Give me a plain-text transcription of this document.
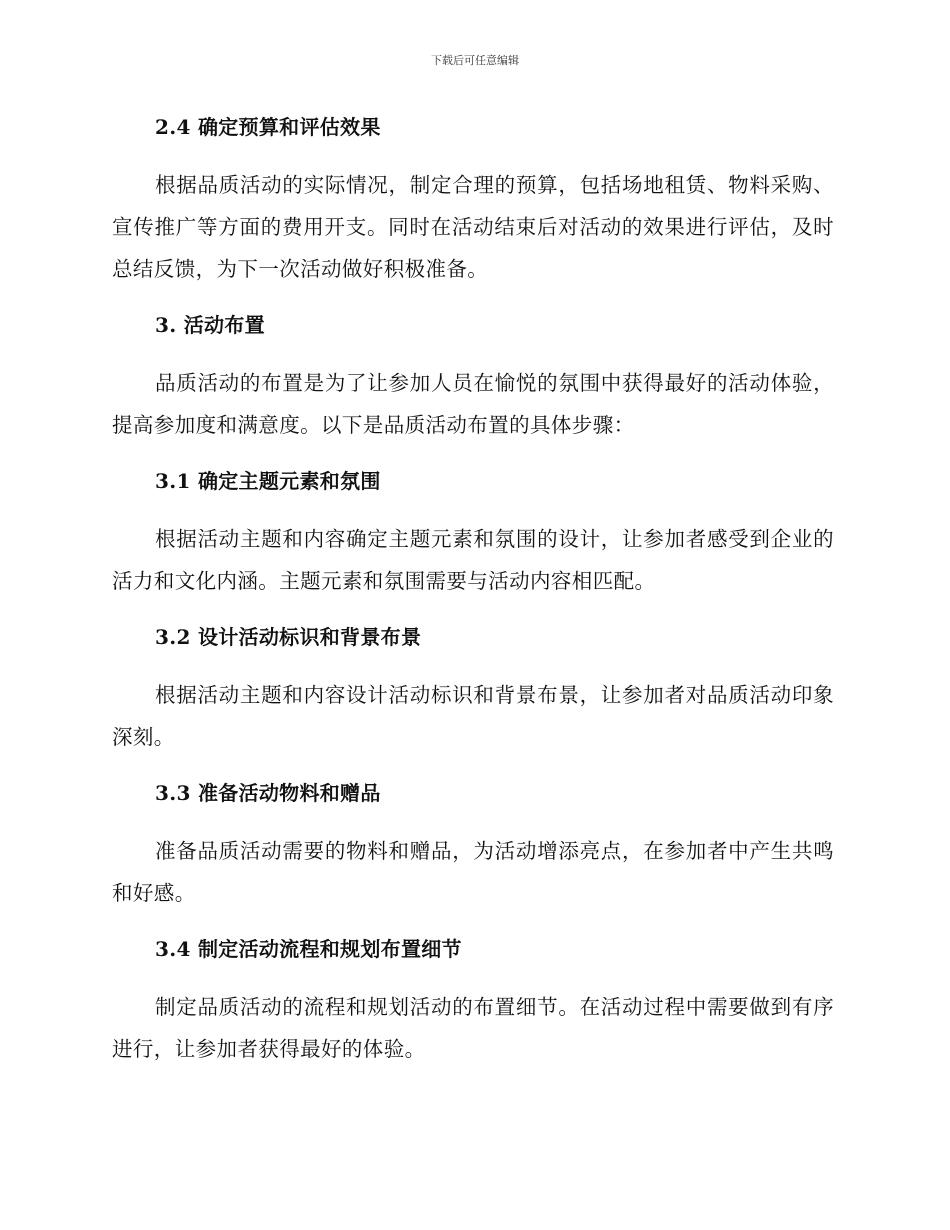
下载后可任意编辑
2.4 确定预算和评估效果
根据品质活动的实际情况，制定合理的预算，包括场地租赁、物料采购、宣传推广等方面的费用开支。同时在活动结束后对活动的效果进行评估，及时总结反馈，为下一次活动做好积极准备。
3. 活动布置
品质活动的布置是为了让参加人员在愉悦的氛围中获得最好的活动体验，提高参加度和满意度。以下是品质活动布置的具体步骤：
3.1 确定主题元素和氛围
根据活动主题和内容确定主题元素和氛围的设计，让参加者感受到企业的活力和文化内涵。主题元素和氛围需要与活动内容相匹配。
3.2 设计活动标识和背景布景
根据活动主题和内容设计活动标识和背景布景，让参加者对品质活动印象深刻。
3.3 准备活动物料和赠品
准备品质活动需要的物料和赠品，为活动增添亮点，在参加者中产生共鸣和好感。
3.4 制定活动流程和规划布置细节
制定品质活动的流程和规划活动的布置细节。在活动过程中需要做到有序进行，让参加者获得最好的体验。
